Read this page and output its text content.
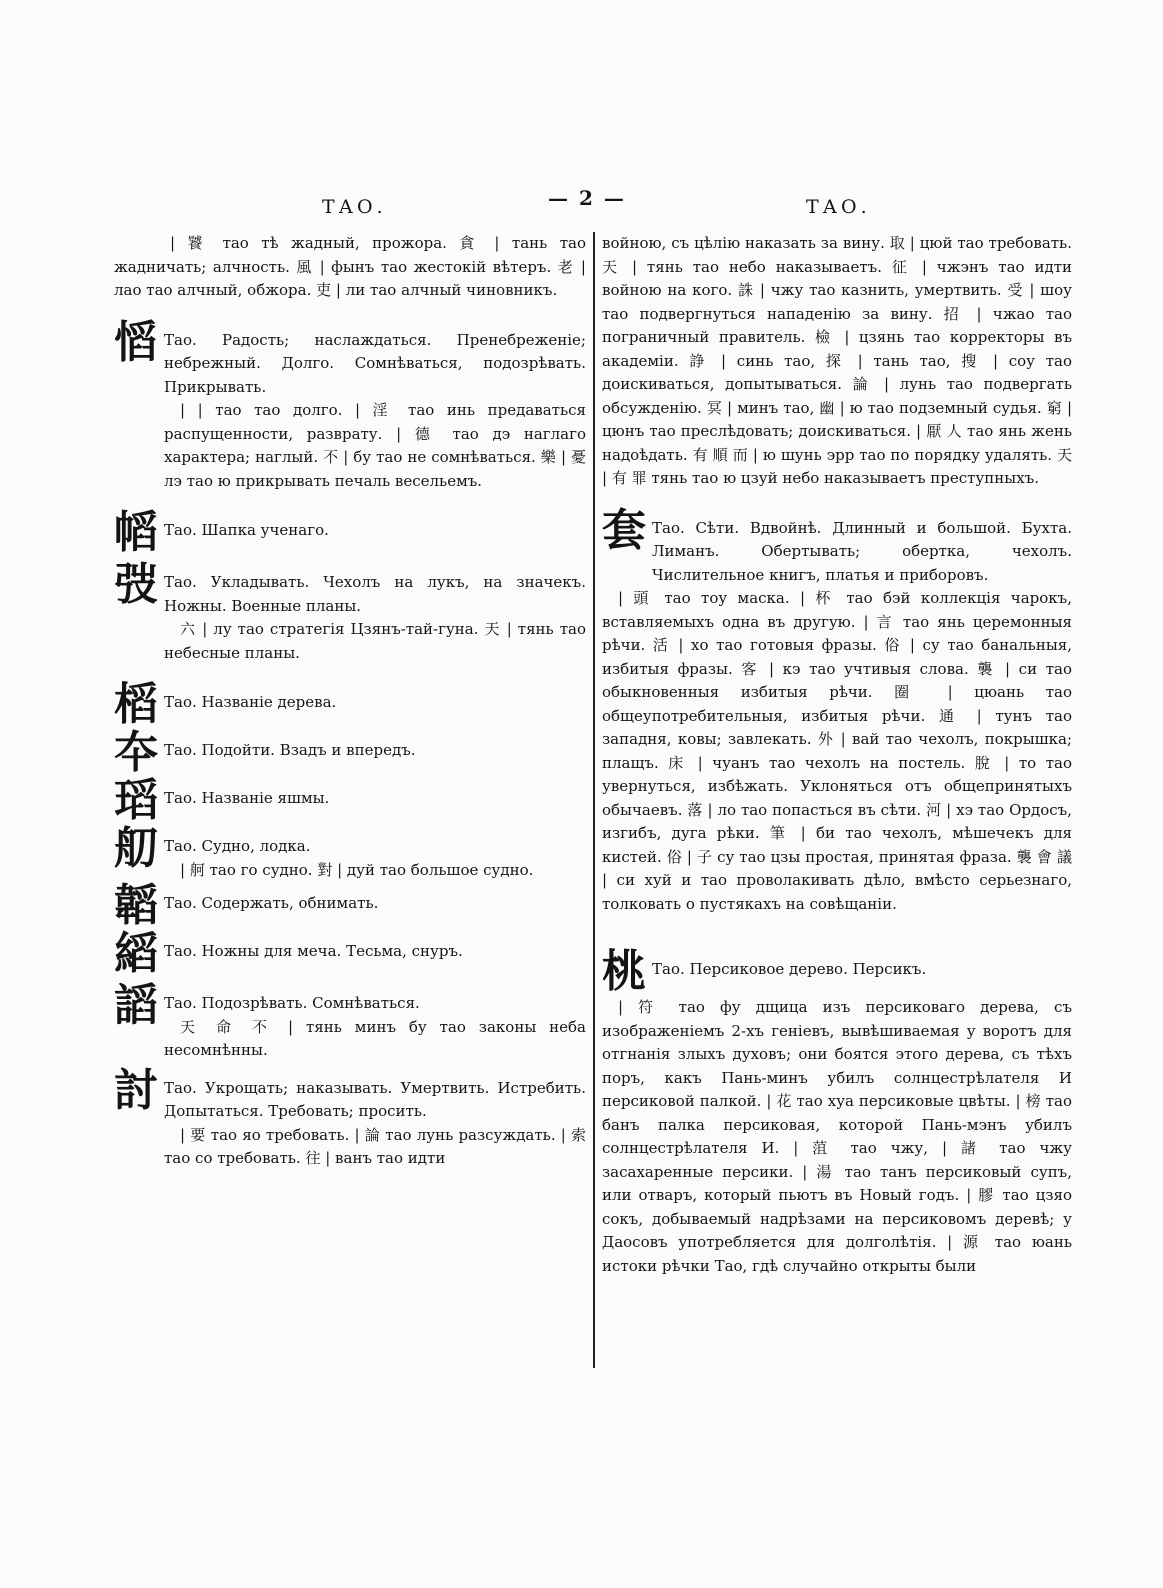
ТАО.	— 2 —	ТАО.

| 饕 тао тѣ жадный, прожора. 貪 | тань тао жадничать; алчность. 風 | фынъ тао жестокій вѣтеръ. 老 | лао тао алчный, обжора. 吏 | ли тао алчный чиновникъ.

慆 Тао. Радость; наслаждаться. Пренебреженіе; небрежный. Долго. Сомнѣваться, подозрѣвать. Прикрывать.

| | тао тао долго. | 淫 тао инь предаваться распущенности, разврату. | 德 тао дэ наглаго характера; наглый. 不 | бу тао не сомнѣваться. 樂 | 憂 лэ тао ю прикрывать печаль весельемъ.

幍 Тао. Шапка ученаго.

弢 Тао. Укладывать. Чехолъ на лукъ, на значекъ. Ножны. Военные планы.

六 | лу тао стратегія Цзянъ-тай-гуна. 天 | тянь тао небесные планы.

槄 Тао. Названіе дерева.

夲 Тао. Подойти. Взадъ и впередъ.

瑫 Тао. Названіе яшмы.

舠 Тао. Судно, лодка.

| 舸 тао го судно. 對 | дуй тао большое судно.

韜 Тао. Содержать, обнимать.

縚 Тао. Ножны для меча. Тесьма, снуръ.

謟 Тао. Подозрѣвать. Сомнѣваться.

天 命 不 | тянь минъ бу тао законы неба несомнѣнны.

討 Тао. Укрощать; наказывать. Умертвить. Истребить. Допытаться. Требовать; просить.

| 要 тао яо требовать. | 論 тао лунь разсуждать. | 索 тао со требовать. 往 | ванъ тао идти

войною, съ цѣлію наказать за вину. 取 | цюй тао требовать. 天 | тянь тао небо наказываетъ. 征 | чжэнъ тао идти войною на кого. 誅 | чжу тао казнить, умертвить. 受 | шоу тао подвергнуться нападенію за вину. 招 | чжао тао пограничный правитель. 檢 | цзянь тао корректоры въ академіи. 諍 | синь тао, 探 | тань тао, 搜 | соу тао доискиваться, допытываться. 論 | лунь тао подвергать обсужденію. 冥 | минъ тао, 幽 | ю тао подземный судья. 窮 | цюнъ тао преслѣдовать; доискиваться. | 厭 人 тао янь жень надоѣдать. 有 順 而 | ю шунь эрр тао по порядку удалять. 天 | 有 罪 тянь тао ю цзуй небо наказываетъ преступныхъ.

套 Тао. Сѣти. Вдвойнѣ. Длинный и большой. Бухта. Лиманъ. Обертывать; обертка, чехолъ. Числительное книгъ, платья и приборовъ.

| 頭 тао тоу маска. | 杯 тао бэй коллекція чарокъ, вставляемыхъ одна въ другую. | 言 тао янь церемонныя рѣчи. 活 | хо тао готовыя фразы. 俗 | су тао банальныя, избитыя фразы. 客 | кэ тао учтивыя слова. 襲 | си тао обыкновенныя избитыя рѣчи. 圈 | цюань тао общеупотребительныя, избитыя рѣчи. 通 | тунъ тао западня, ковы; завлекать. 外 | вай тао чехолъ, покрышка; плащъ. 床 | чуанъ тао чехолъ на постель. 脫 | то тао увернуться, избѣжать. Уклоняться отъ общепринятыхъ обычаевъ. 落 | ло тао попасться въ сѣти. 河 | хэ тао Ордосъ, изгибъ, дуга рѣки. 筆 | би тао чехолъ, мѣшечекъ для кистей. 俗 | 子 су тао цзы простая, принятая фраза. 襲 會 議 | си хуй и тао проволакивать дѣло, вмѣсто серьезнаго, толковать о пустякахъ на совѣщаніи.

桃 Тао. Персиковое дерево. Персикъ.

| 符 тао фу дщица изъ персиковаго дерева, съ изображеніемъ 2-хъ геніевъ, вывѣшиваемая у воротъ для отгнанія злыхъ духовъ; они боятся этого дерева, съ тѣхъ поръ, какъ Пань-минъ убилъ солнцестрѣлателя И персиковой палкой. | 花 тао хуа персиковые цвѣты. | 榜 тао банъ палка персиковая, которой Пань-мэнъ убилъ солнцестрѣлателя И. | 菹 тао чжу, | 諸 тао чжу засахаренные персики. | 湯 тао танъ персиковый супъ, или отваръ, который пьютъ въ Новый годъ. | 膠 тао цзяо сокъ, добываемый надрѣзами на персиковомъ деревѣ; у Даосовъ употребляется для долголѣтія. | 源 тао юань истоки рѣчки Тао, гдѣ случайно открыты были
